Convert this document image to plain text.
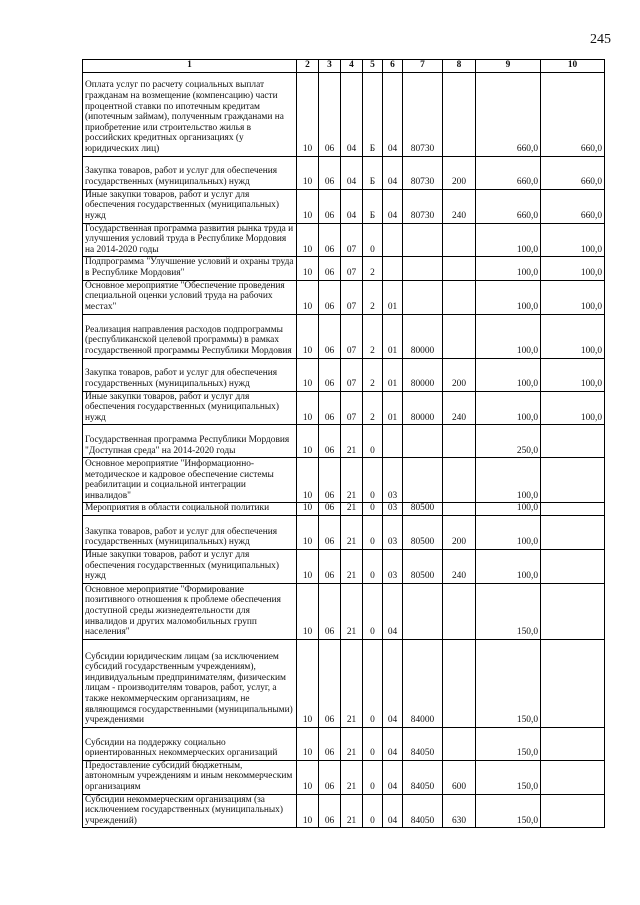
245
1	2	3	4	5	6	7	8	9	10
Оплата услуг по расчету социальных выплат гражданам на возмещение (компенсацию) части процентной ставки по ипотечным кредитам (ипотечным займам), полученным гражданами на приобретение или строительство жилья в российских кредитных организациях (у юридических лиц)	10	06	04	Б	04	80730		660,0	660,0
Закупка товаров, работ и услуг для обеспечения государственных (муниципальных) нужд	10	06	04	Б	04	80730	200	660,0	660,0
Иные закупки товаров, работ и услуг для обеспечения государственных (муниципальных) нужд	10	06	04	Б	04	80730	240	660,0	660,0
Государственная программа развития рынка труда и улучшения условий труда в Республике Мордовия на 2014-2020 годы	10	06	07	0				100,0	100,0
Подпрограмма "Улучшение условий и охраны труда в Республике Мордовия"	10	06	07	2				100,0	100,0
Основное мероприятие "Обеспечение проведения специальной оценки условий труда на рабочих местах"	10	06	07	2	01			100,0	100,0
Реализация направления расходов подпрограммы (республиканской целевой программы) в рамках государственной программы Республики Мордовия	10	06	07	2	01	80000		100,0	100,0
Закупка товаров, работ и услуг для обеспечения государственных (муниципальных) нужд	10	06	07	2	01	80000	200	100,0	100,0
Иные закупки товаров, работ и услуг для обеспечения государственных (муниципальных) нужд	10	06	07	2	01	80000	240	100,0	100,0
Государственная программа Республики Мордовия "Доступная среда" на 2014-2020 годы	10	06	21	0				250,0	
Основное мероприятие "Информационно-методическое и кадровое обеспечение системы реабилитации и социальной интеграции инвалидов"	10	06	21	0	03			100,0	
Мероприятия в области социальной политики	10	06	21	0	03	80500		100,0	
Закупка товаров, работ и услуг для обеспечения государственных (муниципальных) нужд	10	06	21	0	03	80500	200	100,0	
Иные закупки товаров, работ и услуг для обеспечения государственных (муниципальных) нужд	10	06	21	0	03	80500	240	100,0	
Основное мероприятие "Формирование позитивного отношения к проблеме обеспечения доступной среды жизнедеятельности для инвалидов и других маломобильных групп населения"	10	06	21	0	04			150,0	
Субсидии юридическим лицам (за исключением субсидий государственным учреждениям), индивидуальным предпринимателям, физическим лицам - производителям товаров, работ, услуг, а также некоммерческим организациям, не являющимся государственными (муниципальными) учреждениями	10	06	21	0	04	84000		150,0	
Субсидии на поддержку социально ориентированных некоммерческих организаций	10	06	21	0	04	84050		150,0	
Предоставление субсидий бюджетным, автономным учреждениям и иным некоммерческим организациям	10	06	21	0	04	84050	600	150,0	
Субсидии некоммерческим организациям (за исключением государственных (муниципальных) учреждений)	10	06	21	0	04	84050	630	150,0	
